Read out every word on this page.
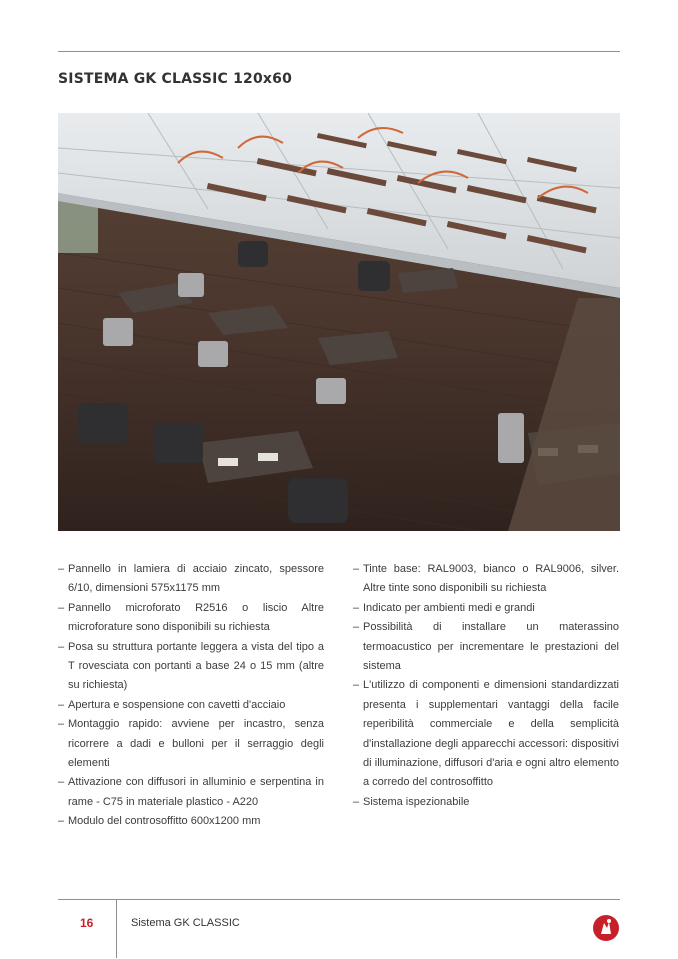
SISTEMA GK CLASSIC 120x60
– Pannello in lamiera di acciaio zincato, spessore 6/10, dimensioni 575x1175 mm
– Pannello microforato R2516 o liscio Altre microforature sono disponibili su richiesta
– Posa su struttura portante leggera a vista del tipo a T rovesciata con portanti a base 24 o 15 mm (altre su richiesta)
– Apertura e sospensione con cavetti d'acciaio
– Montaggio rapido: avviene per incastro, senza ricorrere a dadi e bulloni per il serraggio degli elementi
– Attivazione con diffusori in alluminio e serpentina in rame - C75 in materiale plastico - A220
– Modulo del controsoffitto 600x1200 mm
– Tinte base: RAL9003, bianco o RAL9006, silver. Altre tinte sono disponibili su richiesta
– Indicato per ambienti medi e grandi
– Possibilità di installare un materassino termoacustico per incrementare le prestazioni del sistema
– L'utilizzo di componenti e dimensioni standardizzati presenta i supplementari vantaggi della facile reperibilità commerciale e della semplicità d'installazione degli apparecchi accessori: dispositivi di illuminazione, diffusori d'aria e ogni altro elemento a corredo del controsoffitto
– Sistema ispezionabile
16	Sistema GK CLASSIC
